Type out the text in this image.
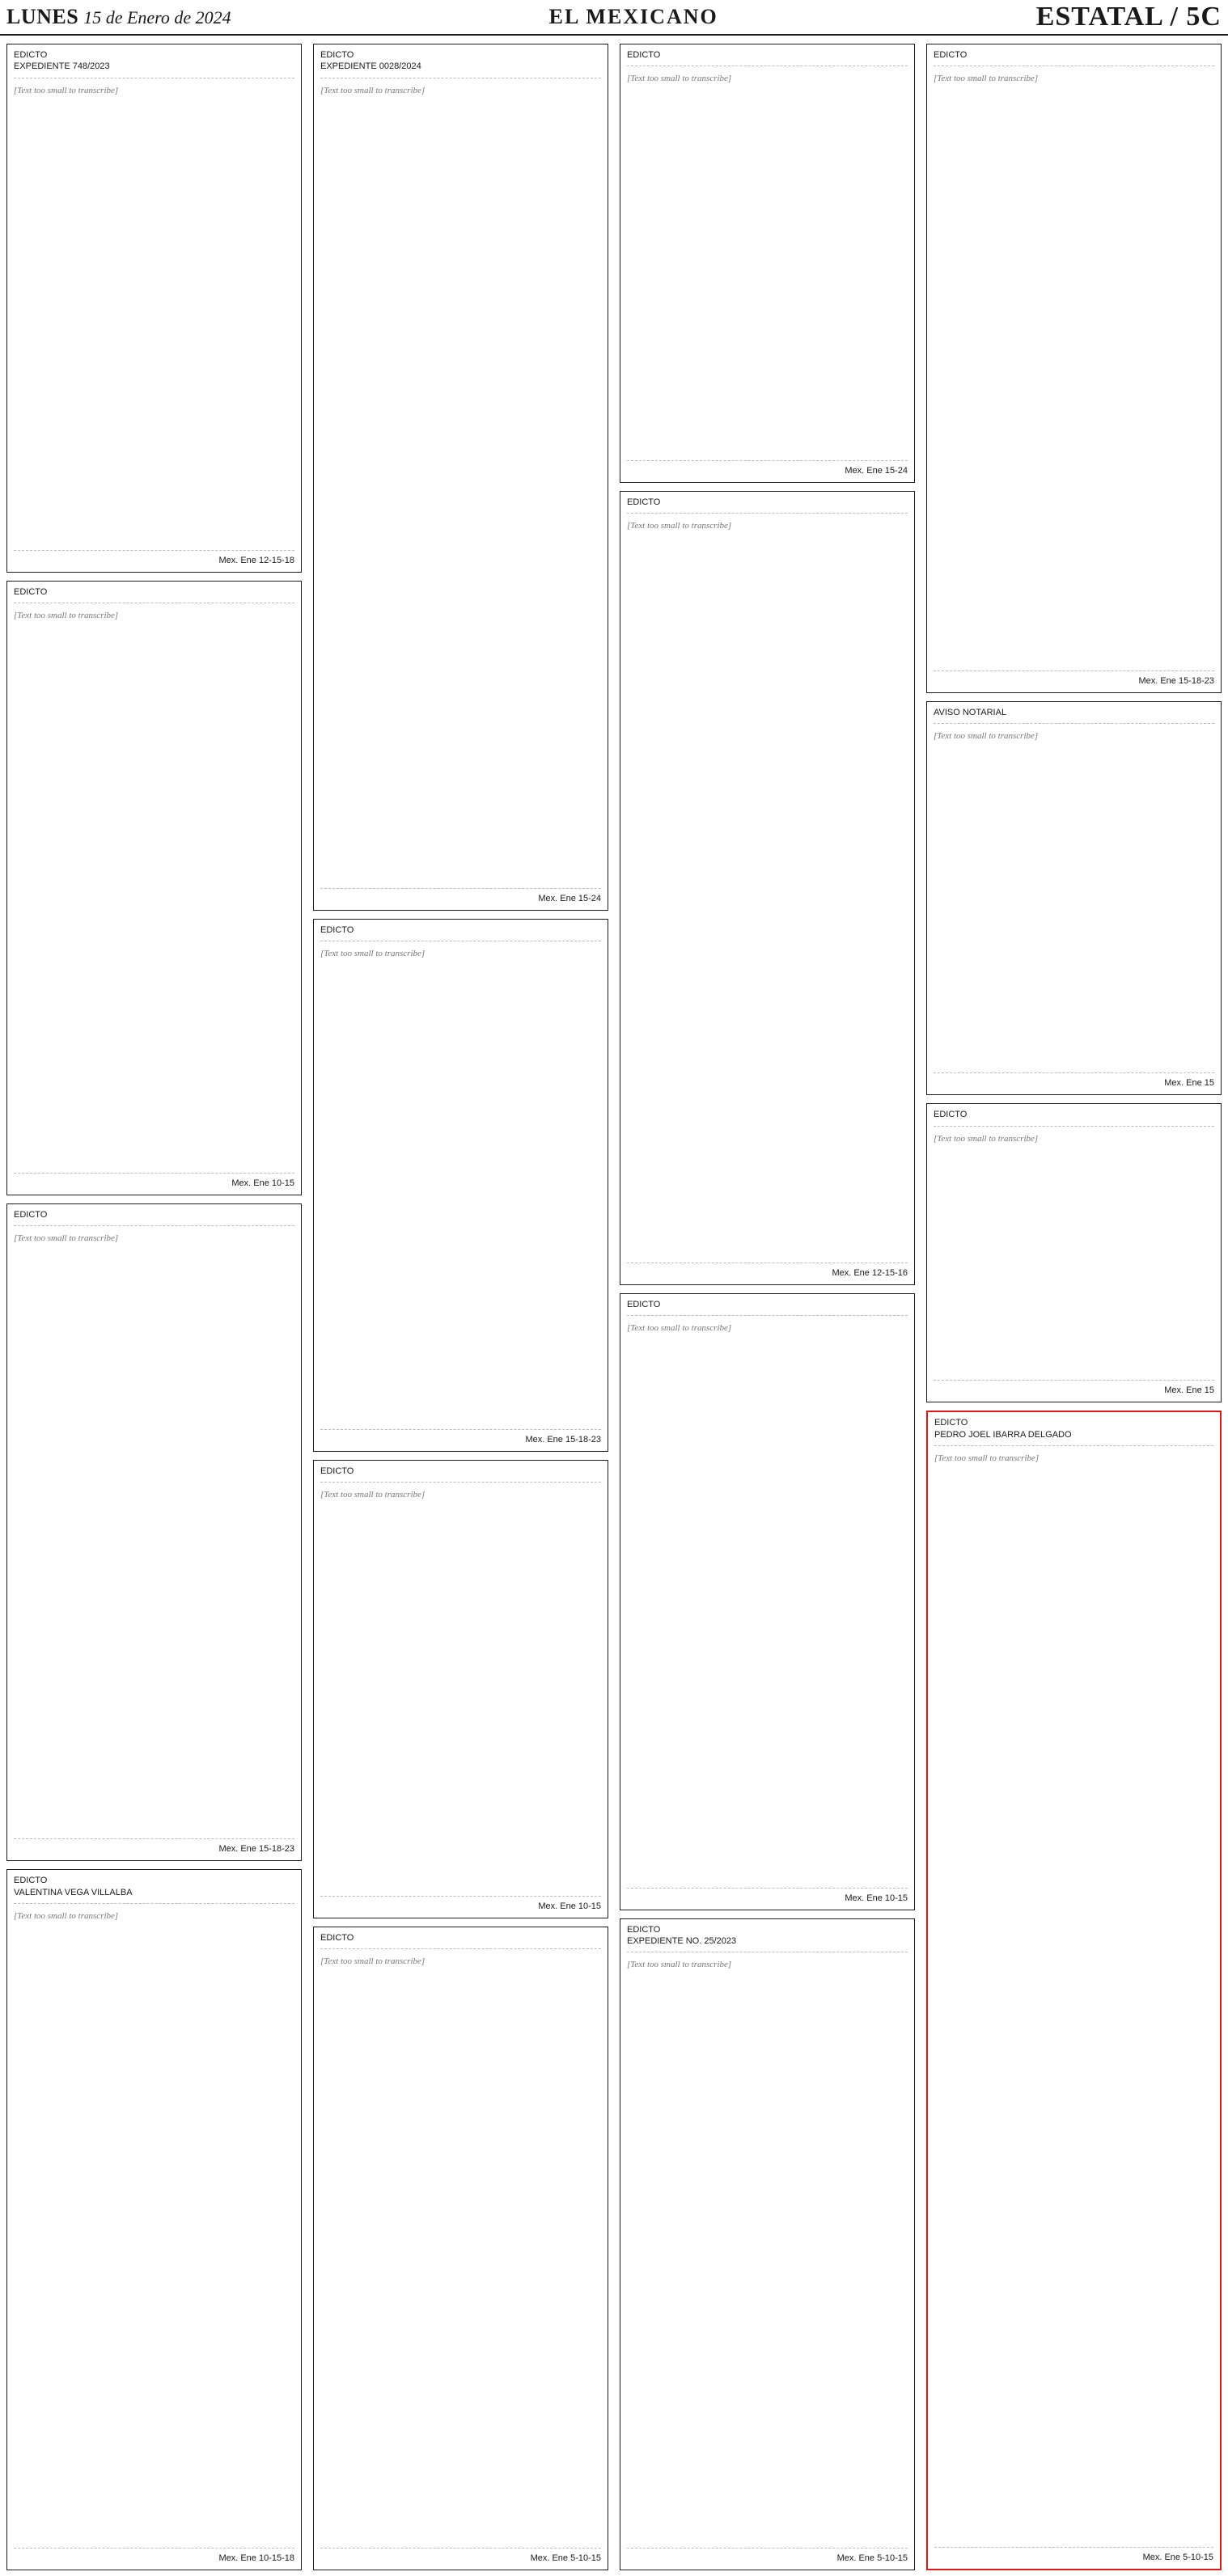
LUNES 15 de Enero de 2024	EL MEXICANO	ESTATAL / 5C
EDICTO
EXPEDIENTE 748/2023
[Text too small to transcribe]
Mex. Ene 12-15-18
EDICTO
[Text too small to transcribe]
Mex. Ene 10-15
EDICTO
[Text too small to transcribe]
Mex. Ene 15-18-23
EDICTO
VALENTINA VEGA VILLALBA
[Text too small to transcribe]
Mex. Ene 10-15-18
EDICTO
EXPEDIENTE 0028/2024
[Text too small to transcribe]
Mex. Ene 15-24
EDICTO
[Text too small to transcribe]
Mex. Ene 15-18-23
EDICTO
[Text too small to transcribe]
Mex. Ene 10-15
EDICTO
[Text too small to transcribe]
Mex. Ene 5-10-15
EDICTO
[Text too small to transcribe]
Mex. Ene 15-24
EDICTO
[Text too small to transcribe]
Mex. Ene 12-15-16
EDICTO
[Text too small to transcribe]
Mex. Ene 10-15
EDICTO
EXPEDIENTE NO. 25/2023
[Text too small to transcribe]
Mex. Ene 5-10-15
EDICTO
[Text too small to transcribe]
Mex. Ene 15-18-23
AVISO NOTARIAL
[Text too small to transcribe]
Mex. Ene 15
EDICTO
[Text too small to transcribe]
Mex. Ene 15
EDICTO
PEDRO JOEL IBARRA DELGADO
[Text too small to transcribe]
Mex. Ene 5-10-15
